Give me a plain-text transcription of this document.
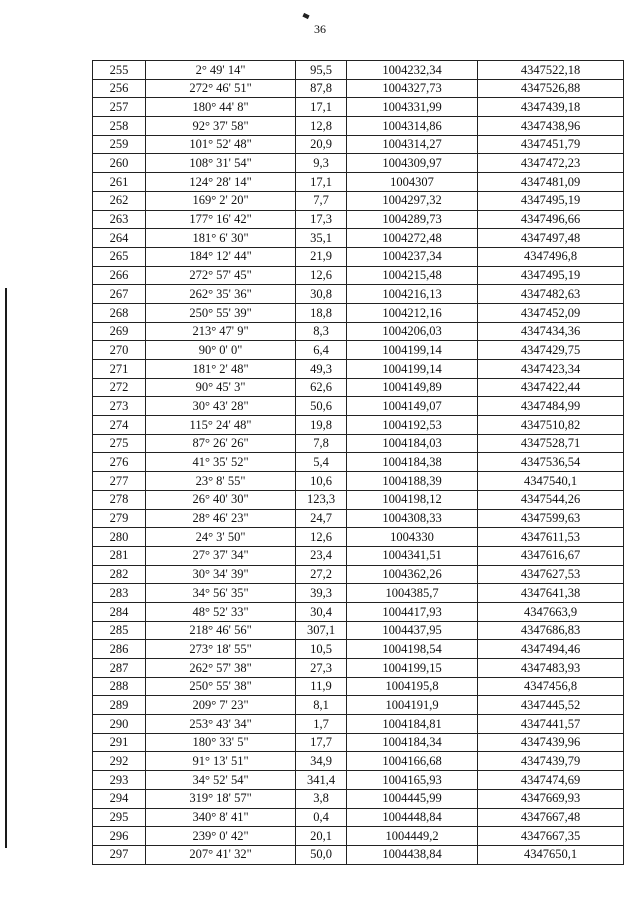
36
255	2° 49' 14"	95,5	1004232,34	4347522,18
256	272° 46' 51"	87,8	1004327,73	4347526,88
257	180° 44' 8"	17,1	1004331,99	4347439,18
258	92° 37' 58"	12,8	1004314,86	4347438,96
259	101° 52' 48"	20,9	1004314,27	4347451,79
260	108° 31' 54"	9,3	1004309,97	4347472,23
261	124° 28' 14"	17,1	1004307	4347481,09
262	169° 2' 20"	7,7	1004297,32	4347495,19
263	177° 16' 42"	17,3	1004289,73	4347496,66
264	181° 6' 30"	35,1	1004272,48	4347497,48
265	184° 12' 44"	21,9	1004237,34	4347496,8
266	272° 57' 45"	12,6	1004215,48	4347495,19
267	262° 35' 36"	30,8	1004216,13	4347482,63
268	250° 55' 39"	18,8	1004212,16	4347452,09
269	213° 47' 9"	8,3	1004206,03	4347434,36
270	90° 0' 0"	6,4	1004199,14	4347429,75
271	181° 2' 48"	49,3	1004199,14	4347423,34
272	90° 45' 3"	62,6	1004149,89	4347422,44
273	30° 43' 28"	50,6	1004149,07	4347484,99
274	115° 24' 48"	19,8	1004192,53	4347510,82
275	87° 26' 26"	7,8	1004184,03	4347528,71
276	41° 35' 52"	5,4	1004184,38	4347536,54
277	23° 8' 55"	10,6	1004188,39	4347540,1
278	26° 40' 30"	123,3	1004198,12	4347544,26
279	28° 46' 23"	24,7	1004308,33	4347599,63
280	24° 3' 50"	12,6	1004330	4347611,53
281	27° 37' 34"	23,4	1004341,51	4347616,67
282	30° 34' 39"	27,2	1004362,26	4347627,53
283	34° 56' 35"	39,3	1004385,7	4347641,38
284	48° 52' 33"	30,4	1004417,93	4347663,9
285	218° 46' 56"	307,1	1004437,95	4347686,83
286	273° 18' 55"	10,5	1004198,54	4347494,46
287	262° 57' 38"	27,3	1004199,15	4347483,93
288	250° 55' 38"	11,9	1004195,8	4347456,8
289	209° 7' 23"	8,1	1004191,9	4347445,52
290	253° 43' 34"	1,7	1004184,81	4347441,57
291	180° 33' 5"	17,7	1004184,34	4347439,96
292	91° 13' 51"	34,9	1004166,68	4347439,79
293	34° 52' 54"	341,4	1004165,93	4347474,69
294	319° 18' 57"	3,8	1004445,99	4347669,93
295	340° 8' 41"	0,4	1004448,84	4347667,48
296	239° 0' 42"	20,1	1004449,2	4347667,35
297	207° 41' 32"	50,0	1004438,84	4347650,1
